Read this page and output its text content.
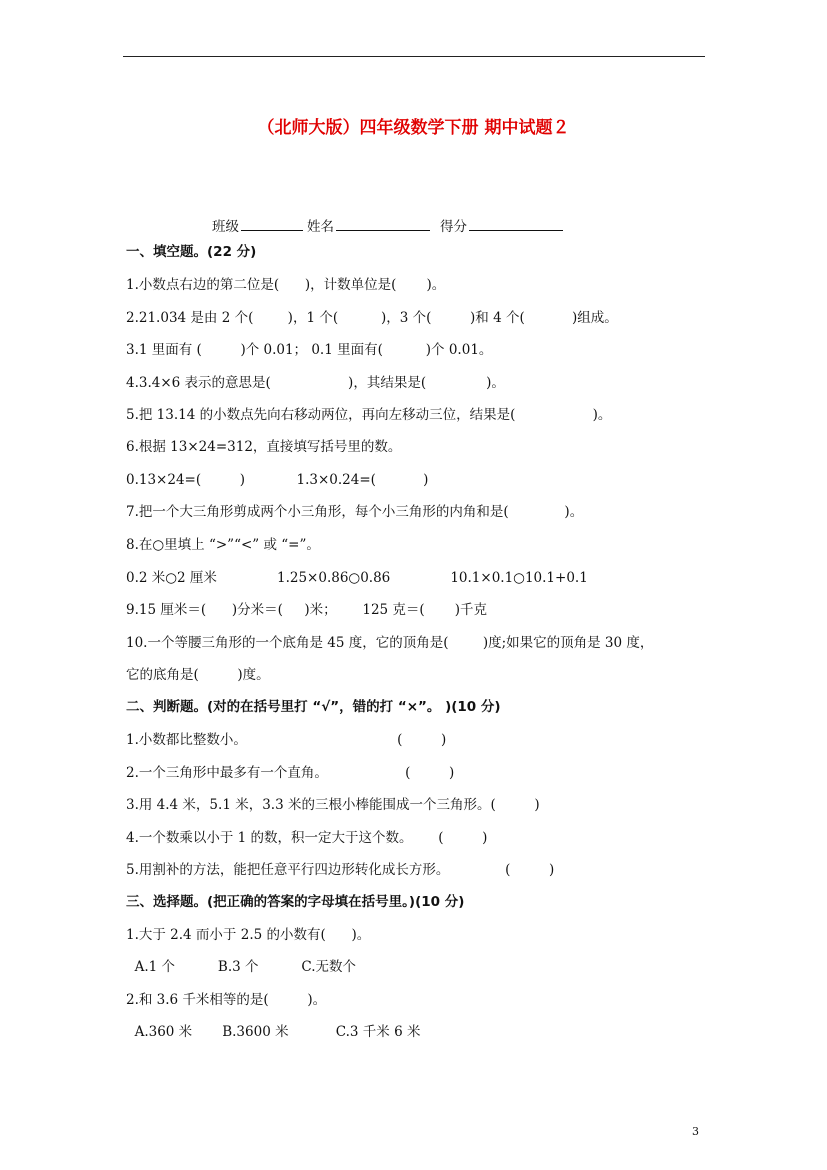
（北师大版）四年级数学下册 期中试题２
班级	姓名	得分
一、填空题。(22 分)
1.小数点右边的第二位是(      )，计数单位是(       )。
2.21.034 是由 2 个(        )，1 个(          )，3 个(         )和 4 个(           )组成。
3.1 里面有 (         )个 0.01； 0.1 里面有(          )个 0.01。
4.3.4×6 表示的意思是(                  )，其结果是(              )。
5.把 13.14 的小数点先向右移动两位，再向左移动三位，结果是(                  )。
6.根据 13×24=312，直接填写括号里的数。
0.13×24=(         )            1.3×0.24=(           )
7.把一个大三角形剪成两个小三角形，每个小三角形的内角和是(             )。
8.在○里填上 “>”“<” 或 “=”。
0.2 米○2 厘米              1.25×0.86○0.86              10.1×0.1○10.1+0.1
9.15 厘米＝(      )分米＝(     )米；      125 克＝(       )千克
10.一个等腰三角形的一个底角是 45 度，它的顶角是(        )度;如果它的顶角是 30 度，
它的底角是(         )度。
二、判断题。(对的在括号里打 “√”，错的打 “×”。 )(10 分)
1.小数都比整数小。                                   (         )
2.一个三角形中最多有一个直角。                  (         )
3.用 4.4 米，5.1 米，3.3 米的三根小棒能围成一个三角形。(         )
4.一个数乘以小于 1 的数，积一定大于这个数。      (         )
5.用割补的方法，能把任意平行四边形转化成长方形。             (         )
三、选择题。(把正确的答案的字母填在括号里。)(10 分)
1.大于 2.4 而小于 2.5 的小数有(      )。
A.1 个          B.3 个          C.无数个
2.和 3.6 千米相等的是(         )。
A.360 米       B.3600 米           C.3 千米 6 米
3
